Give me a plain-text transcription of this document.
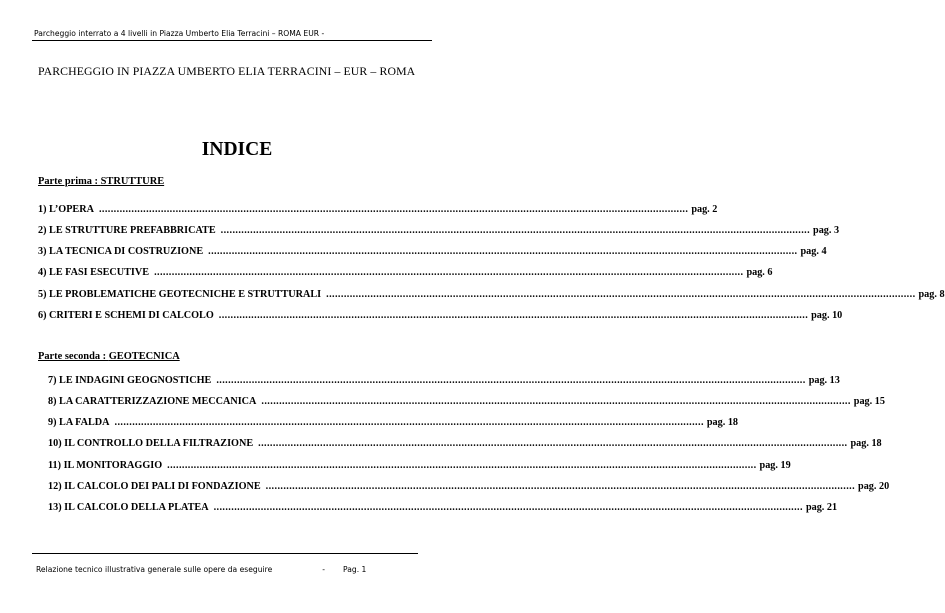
Parcheggio interrato a 4 livelli in Piazza Umberto Elia Terracini – ROMA EUR -
PARCHEGGIO IN PIAZZA UMBERTO ELIA TERRACINI – EUR – ROMA
INDICE
Parte prima : STRUTTURE
1) L’OPERA ........................................................................................................................................................................................................ pag. 2
2) LE STRUTTURE PREFABBRICATE ........................................................................................................................................................................................................ pag. 3
3) LA TECNICA DI COSTRUZIONE ........................................................................................................................................................................................................ pag. 4
4) LE FASI ESECUTIVE ........................................................................................................................................................................................................ pag. 6
5) LE PROBLEMATICHE GEOTECNICHE E STRUTTURALI ........................................................................................................................................................................................................ pag. 8
6) CRITERI E SCHEMI DI CALCOLO ........................................................................................................................................................................................................ pag. 10
Parte seconda : GEOTECNICA
7) LE INDAGINI GEOGNOSTICHE ........................................................................................................................................................................................................ pag. 13
8) LA CARATTERIZZAZIONE MECCANICA ........................................................................................................................................................................................................ pag. 15
9) LA FALDA ........................................................................................................................................................................................................ pag. 18
10) IL CONTROLLO DELLA FILTRAZIONE ........................................................................................................................................................................................................ pag. 18
11) IL MONITORAGGIO ........................................................................................................................................................................................................ pag. 19
12) IL CALCOLO DEI PALI DI FONDAZIONE ........................................................................................................................................................................................................ pag. 20
13) IL CALCOLO DELLA PLATEA ........................................................................................................................................................................................................ pag. 21
Relazione tecnico illustrativa generale sulle opere da eseguire	- Pag. 1
